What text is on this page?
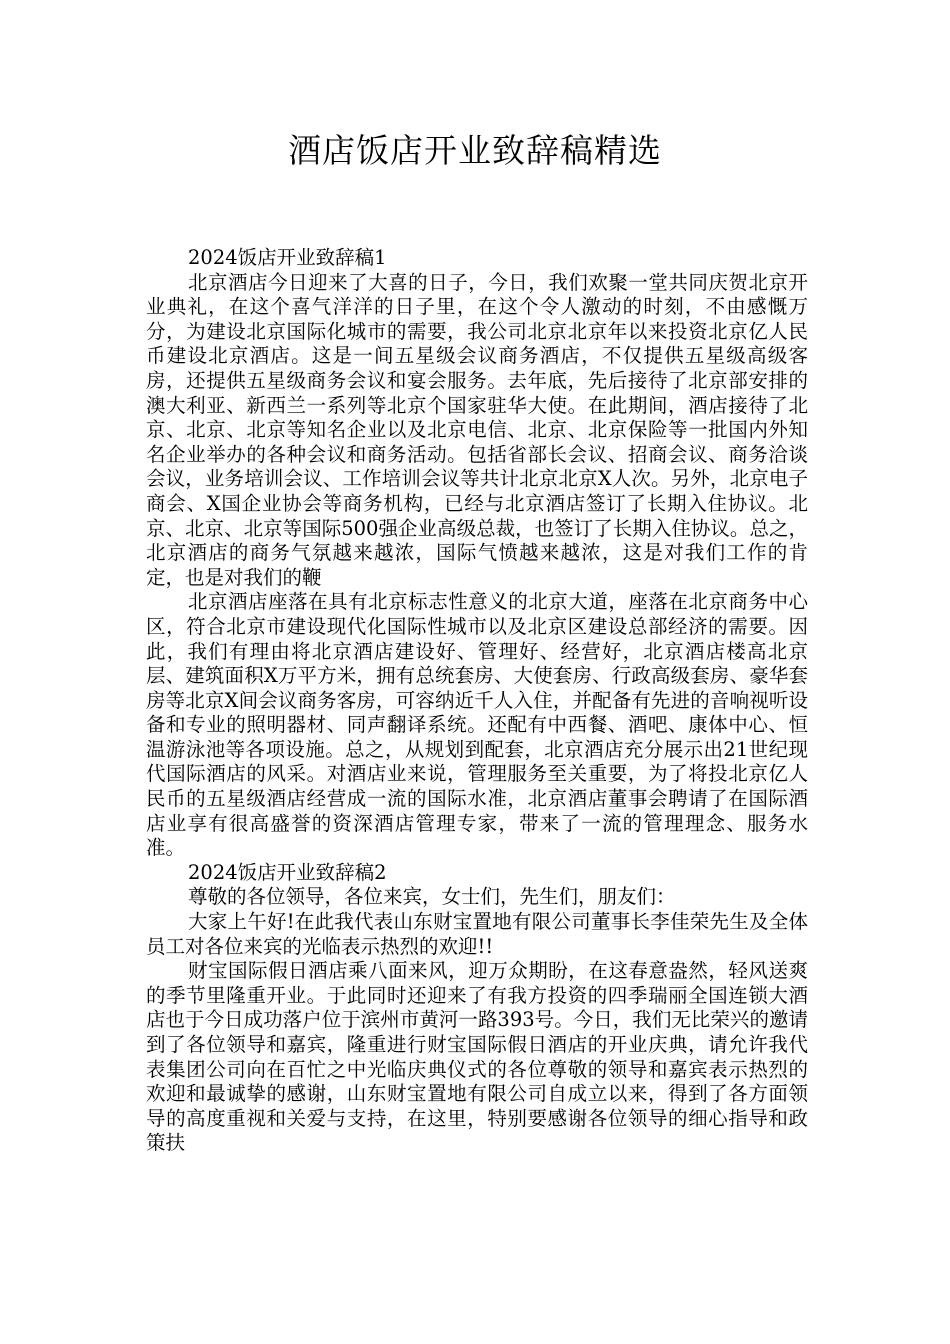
酒店饭店开业致辞稿精选

2024饭店开业致辞稿1

北京酒店今日迎来了大喜的日子，今日，我们欢聚一堂共同庆贺北京开业典礼，在这个喜气洋洋的日子里，在这个令人激动的时刻，不由感慨万分，为建设北京国际化城市的需要，我公司北京北京年以来投资北京亿人民币建设北京酒店。这是一间五星级会议商务酒店，不仅提供五星级高级客房，还提供五星级商务会议和宴会服务。去年底，先后接待了北京部安排的澳大利亚、新西兰一系列等北京个国家驻华大使。在此期间，酒店接待了北京、北京、北京等知名企业以及北京电信、北京、北京保险等一批国内外知名企业举办的各种会议和商务活动。包括省部长会议、招商会议、商务洽谈会议，业务培训会议、工作培训会议等共计北京北京X人次。另外，北京电子商会、X国企业协会等商务机构，已经与北京酒店签订了长期入住协议。北京、北京、北京等国际500强企业高级总裁，也签订了长期入住协议。总之，北京酒店的商务气氛越来越浓，国际气愤越来越浓，这是对我们工作的肯定，也是对我们的鞭

北京酒店座落在具有北京标志性意义的北京大道，座落在北京商务中心区，符合北京市建设现代化国际性城市以及北京区建设总部经济的需要。因此，我们有理由将北京酒店建设好、管理好、经营好，北京酒店楼高北京层、建筑面积X万平方米，拥有总统套房、大使套房、行政高级套房、豪华套房等北京X间会议商务客房，可容纳近千人入住，并配备有先进的音响视听设备和专业的照明器材、同声翻译系统。还配有中西餐、酒吧、康体中心、恒温游泳池等各项设施。总之，从规划到配套，北京酒店充分展示出21世纪现代国际酒店的风采。对酒店业来说，管理服务至关重要，为了将投北京亿人民币的五星级酒店经营成一流的国际水准，北京酒店董事会聘请了在国际酒店业享有很高盛誉的资深酒店管理专家，带来了一流的管理理念、服务水准。

2024饭店开业致辞稿2

尊敬的各位领导，各位来宾，女士们，先生们，朋友们：

大家上午好!在此我代表山东财宝置地有限公司董事长李佳荣先生及全体员工对各位来宾的光临表示热烈的欢迎!!

财宝国际假日酒店乘八面来风，迎万众期盼，在这春意盎然，轻风送爽的季节里隆重开业。于此同时还迎来了有我方投资的四季瑞丽全国连锁大酒店也于今日成功落户位于滨州市黄河一路393号。今日，我们无比荣兴的邀请到了各位领导和嘉宾，隆重进行财宝国际假日酒店的开业庆典，请允许我代表集团公司向在百忙之中光临庆典仪式的各位尊敬的领导和嘉宾表示热烈的欢迎和最诚挚的感谢，山东财宝置地有限公司自成立以来，得到了各方面领导的高度重视和关爱与支持，在这里，特别要感谢各位领导的细心指导和政策扶
